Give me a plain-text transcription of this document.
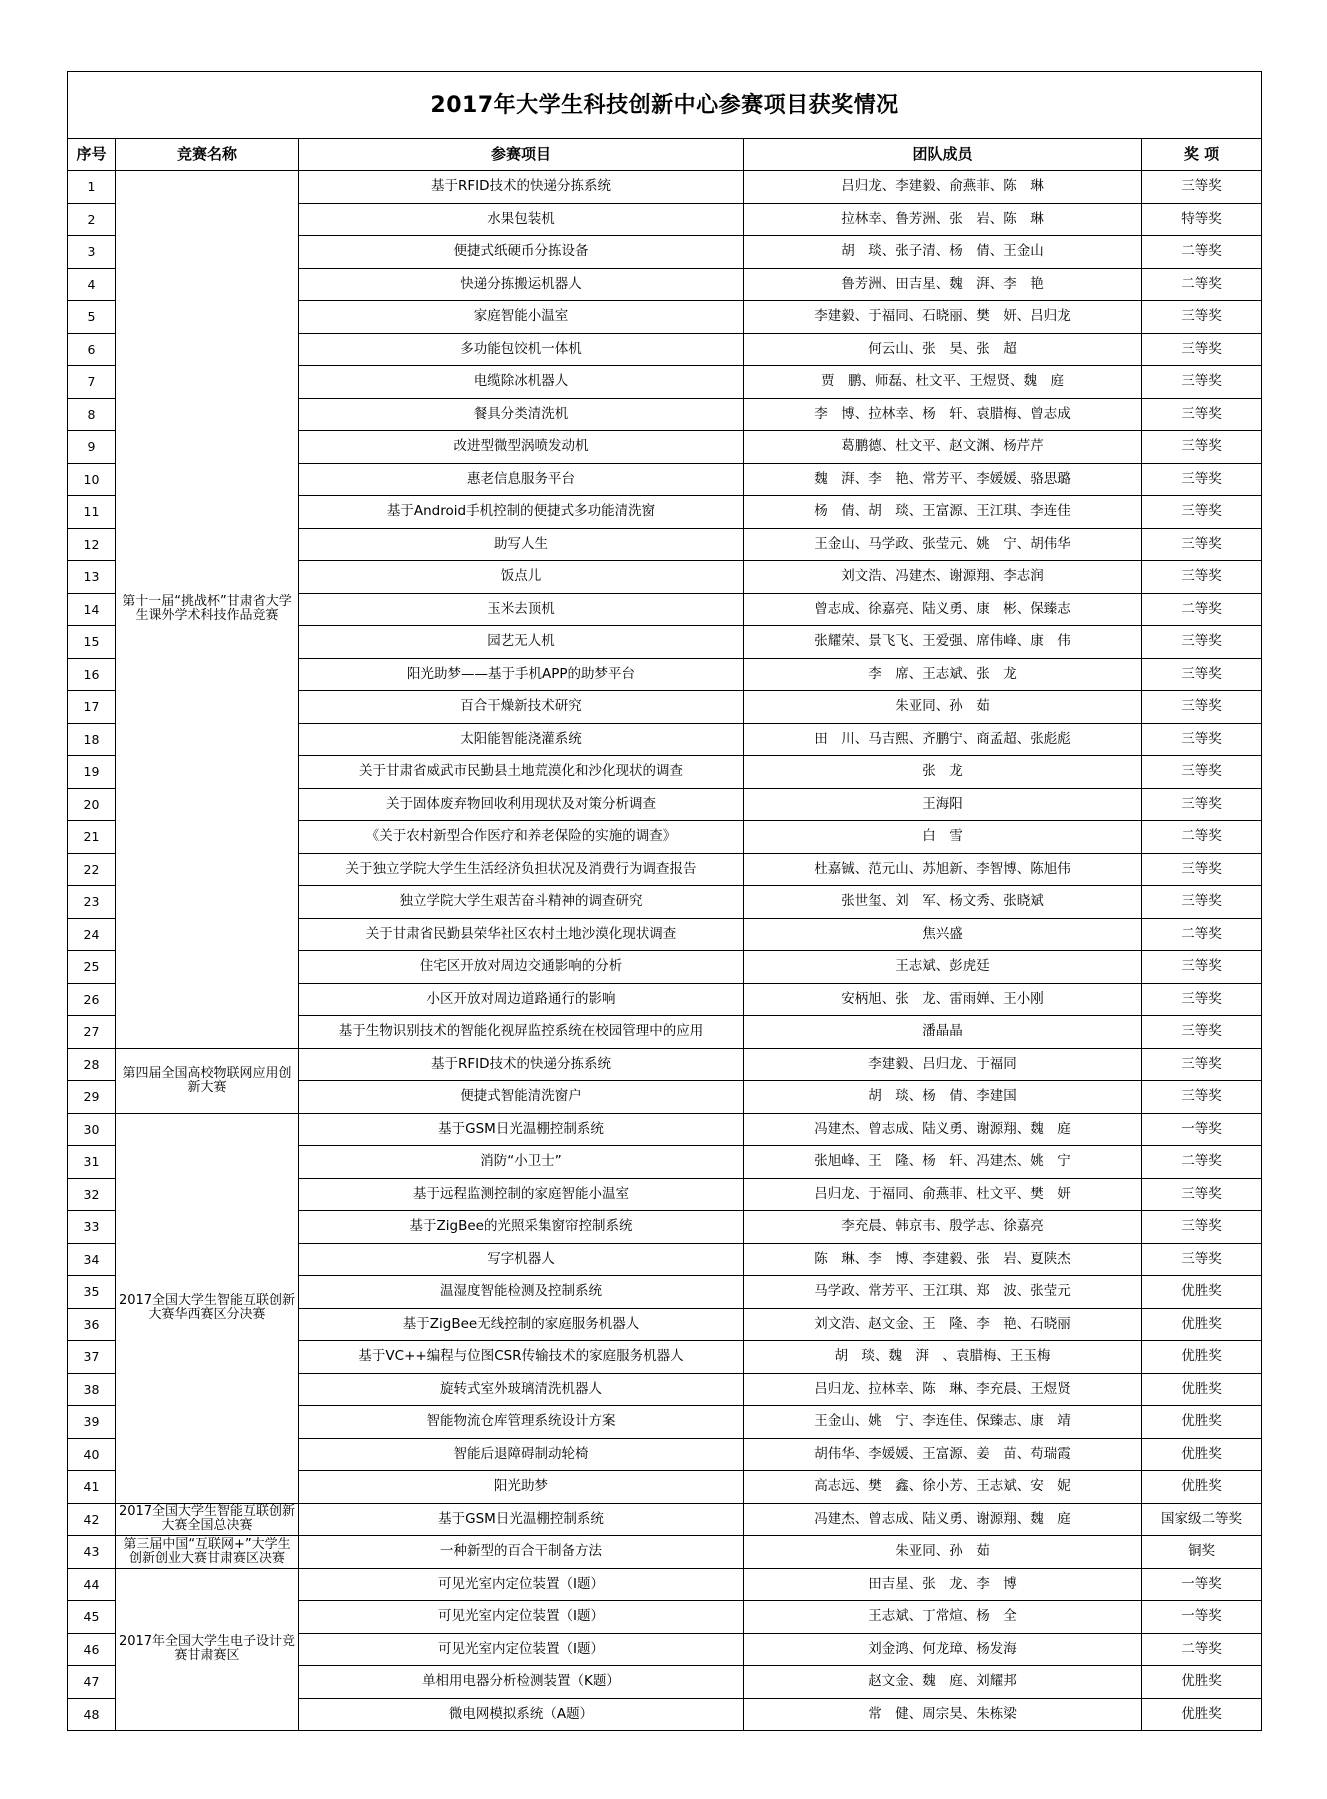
2017年大学生科技创新中心参赛项目获奖情况				
序号	竞赛名称	参赛项目	团队成员	奖 项
1	第十一届“挑战杯”甘肃省大学生课外学术科技作品竞赛	基于RFID技术的快递分拣系统	吕归龙、李建毅、俞燕菲、陈　琳	三等奖
2		水果包装机	拉林幸、鲁芳洲、张　岩、陈　琳	特等奖
3		便捷式纸硬币分拣设备	胡　琰、张子清、杨　倩、王金山	二等奖
4		快递分拣搬运机器人	鲁芳洲、田吉星、魏　湃、李　艳	二等奖
5		家庭智能小温室	李建毅、于福同、石晓丽、樊　妍、吕归龙	三等奖
6		多功能包饺机一体机	何云山、张　昊、张　超	三等奖
7		电缆除冰机器人	贾　鹏、师磊、杜文平、王煜贤、魏　庭	三等奖
8		餐具分类清洗机	李　博、拉林幸、杨　轩、袁腊梅、曾志成	三等奖
9		改进型微型涡喷发动机	葛鹏德、杜文平、赵文渊、杨芹芹	三等奖
10		惠老信息服务平台	魏　湃、李　艳、常芳平、李媛媛、骆思璐	三等奖
11		基于Android手机控制的便捷式多功能清洗窗	杨　倩、胡　琰、王富源、王江琪、李连佳	三等奖
12		助写人生	王金山、马学政、张莹元、姚　宁、胡伟华	三等奖
13		饭点儿	刘文浩、冯建杰、谢源翔、李志润	三等奖
14		玉米去顶机	曾志成、徐嘉亮、陆义勇、康　彬、保臻志	二等奖
15		园艺无人机	张耀荣、景飞飞、王爱强、席伟峰、康　伟	三等奖
16		阳光助梦——基于手机APP的助梦平台	李　席、王志斌、张　龙	三等奖
17		百合干燥新技术研究	朱亚同、孙　茹	三等奖
18		太阳能智能浇灌系统	田　川、马吉熙、齐鹏宁、商孟超、张彪彪	三等奖
19		关于甘肃省威武市民勤县土地荒漠化和沙化现状的调查	张　龙	三等奖
20		关于固体废弃物回收利用现状及对策分析调查	王海阳	三等奖
21		《关于农村新型合作医疗和养老保险的实施的调查》	白　雪	二等奖
22		关于独立学院大学生生活经济负担状况及消费行为调查报告	杜嘉铖、范元山、苏旭新、李智博、陈旭伟	三等奖
23		独立学院大学生艰苦奋斗精神的调查研究	张世玺、刘　军、杨文秀、张晓斌	三等奖
24		关于甘肃省民勤县荣华社区农村土地沙漠化现状调查	焦兴盛	二等奖
25		住宅区开放对周边交通影响的分析	王志斌、彭虎廷	三等奖
26		小区开放对周边道路通行的影响	安柄旭、张　龙、雷雨婵、王小刚	三等奖
27		基于生物识别技术的智能化视屏监控系统在校园管理中的应用	潘晶晶	三等奖
28	第四届全国高校物联网应用创新大赛	基于RFID技术的快递分拣系统	李建毅、吕归龙、于福同	三等奖
29		便捷式智能清洗窗户	胡　琰、杨　倩、李建国	三等奖
30	2017全国大学生智能互联创新大赛华西赛区分决赛	基于GSM日光温棚控制系统	冯建杰、曾志成、陆义勇、谢源翔、魏　庭	一等奖
31		消防“小卫士”	张旭峰、王　隆、杨　轩、冯建杰、姚　宁	二等奖
32		基于远程监测控制的家庭智能小温室	吕归龙、于福同、俞燕菲、杜文平、樊　妍	三等奖
33		基于ZigBee的光照采集窗帘控制系统	李充晨、韩京韦、殷学志、徐嘉亮	三等奖
34		写字机器人	陈　琳、李　博、李建毅、张　岩、夏陕杰	三等奖
35		温湿度智能检测及控制系统	马学政、常芳平、王江琪、郑　波、张莹元	优胜奖
36		基于ZigBee无线控制的家庭服务机器人	刘文浩、赵文金、王　隆、李　艳、石晓丽	优胜奖
37		基于VC++编程与位图CSR传输技术的家庭服务机器人	胡　琰、魏　湃　、袁腊梅、王玉梅	优胜奖
38		旋转式室外玻璃清洗机器人	吕归龙、拉林幸、陈　琳、李充晨、王煜贤	优胜奖
39		智能物流仓库管理系统设计方案	王金山、姚　宁、李连佳、保臻志、康　靖	优胜奖
40		智能后退障碍制动轮椅	胡伟华、李媛媛、王富源、姜　苗、苟瑞霞	优胜奖
41		阳光助梦	高志远、樊　鑫、徐小芳、王志斌、安　妮	优胜奖
42	2017全国大学生智能互联创新大赛全国总决赛	基于GSM日光温棚控制系统	冯建杰、曾志成、陆义勇、谢源翔、魏　庭	国家级二等奖
43	第三届中国“互联网+”大学生创新创业大赛甘肃赛区决赛	一种新型的百合干制备方法	朱亚同、孙　茹	铜奖
44	2017年全国大学生电子设计竞赛甘肃赛区	可见光室内定位装置（I题）	田吉星、张　龙、李　博	一等奖
45		可见光室内定位装置（I题）	王志斌、丁常煊、杨　全	一等奖
46		可见光室内定位装置（I题）	刘金鸿、何龙璋、杨发海	二等奖
47		单相用电器分析检测装置（K题）	赵文金、魏　庭、刘耀邦	优胜奖
48		微电网模拟系统（A题）	常　健、周宗昊、朱栋梁	优胜奖
